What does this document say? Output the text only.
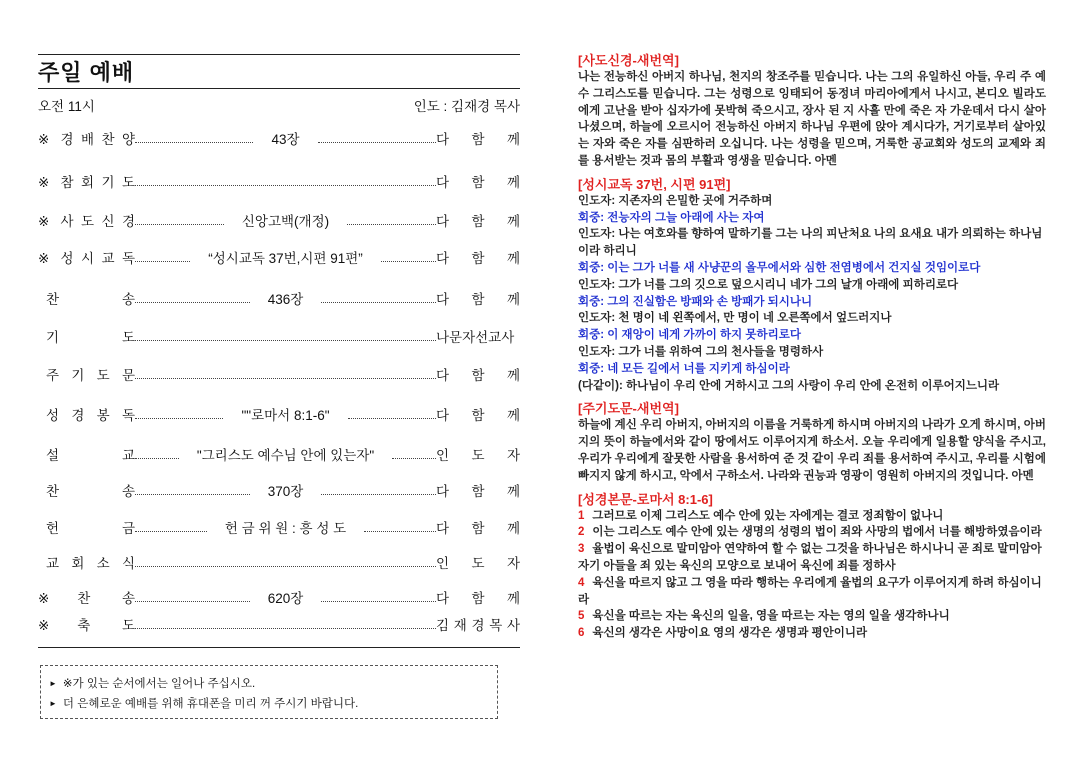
주일 예배
오전 11시	인도 : 김재경 목사
※ 경 배 찬 양	43장	다 함 께
※ 참 회 기 도	다 함 께
※ 사 도 신 경	신앙고백(개정)	다 함 께
※ 성 시 교 독	“성시교독 37번,시편 91편”	다 함 께
찬 송	436장	다 함 께
기 도	나문자선교사
주 기 도 문	다 함 께
성 경 봉 독	""로마서 8:1-6"	다 함 께
설 교	"그리스도 예수님 안에 있는자"	인 도 자
찬 송	370장	다 함 께
헌 금	헌 금 위 원 : 흥 성 도	다 함 께
교 회 소 식	인 도 자
※찬 송	620장	다 함 께
※축 도	김 재 경 목 사
► ※가 있는 순서에서는 일어나 주십시오.
► 더 은혜로운 예배를 위해 휴대폰을 미리 꺼 주시기 바랍니다.
[사도신경-새번역]
나는 전능하신 아버지 하나님, 천지의 창조주를 믿습니다. 나는 그의 유일하신 아들, 우리 주 예수 그리스도를 믿습니다. 그는 성령으로 잉태되어 동정녀 마리아에게서 나시고, 본디오 빌라도에게 고난을 받아 십자가에 못박혀 죽으시고, 장사 된 지 사흘 만에 죽은 자 가운데서 다시 살아나셨으며, 하늘에 오르시어 전능하신 아버지 하나님 우편에 앉아 계시다가, 거기로부터 살아있는 자와 죽은 자를 심판하러 오십니다. 나는 성령을 믿으며, 거룩한 공교회와 성도의 교제와 죄를 용서받는 것과 몸의 부활과 영생을 믿습니다. 아멘
[성시교독 37번, 시편 91편]
인도자: 지존자의 은밀한 곳에 거주하며
회중: 전능자의 그늘 아래에 사는 자여
인도자: 나는 여호와를 향하여 말하기를 그는 나의 피난처요 나의 요새요 내가 의뢰하는 하나님이라 하리니
회중: 이는 그가 너를 새 사냥꾼의 올무에서와 심한 전염병에서 건지실 것임이로다
인도자: 그가 너를 그의 깃으로 덮으시리니 네가 그의 날개 아래에 피하리로다
회중: 그의 진실함은 방패와 손 방패가 되시나니
인도자: 천 명이 네 왼쪽에서, 만 명이 네 오른쪽에서 엎드러지나
회중: 이 재앙이 네게 가까이 하지 못하리로다
인도자: 그가 너를 위하여 그의 천사들을 명령하사
회중: 네 모든 길에서 너를 지키게 하심이라
(다같이): 하나님이 우리 안에 거하시고 그의 사랑이 우리 안에 온전히 이루어지느니라
[주기도문-새번역]
하늘에 계신 우리 아버지, 아버지의 이름을 거룩하게 하시며 아버지의 나라가 오게 하시며, 아버지의 뜻이 하늘에서와 같이 땅에서도 이루어지게 하소서. 오늘 우리에게 일용할 양식을 주시고, 우리가 우리에게 잘못한 사람을 용서하여 준 것 같이 우리 죄를 용서하여 주시고, 우리를 시험에 빠지지 않게 하시고, 악에서 구하소서. 나라와 권능과 영광이 영원히 아버지의 것입니다. 아멘
[성경본문-로마서 8:1-6]
1 그러므로 이제 그리스도 예수 안에 있는 자에게는 결코 정죄함이 없나니
2 이는 그리스도 예수 안에 있는 생명의 성령의 법이 죄와 사망의 법에서 너를 해방하였음이라
3 율법이 육신으로 말미암아 연약하여 할 수 없는 그것을 하나님은 하시나니 곧 죄로 말미암아 자기 아들을 죄 있는 육신의 모양으로 보내어 육신에 죄를 정하사
4 육신을 따르지 않고 그 영을 따라 행하는 우리에게 율법의 요구가 이루어지게 하려 하심이니라
5 육신을 따르는 자는 육신의 일을, 영을 따르는 자는 영의 일을 생각하나니
6 육신의 생각은 사망이요 영의 생각은 생명과 평안이니라
